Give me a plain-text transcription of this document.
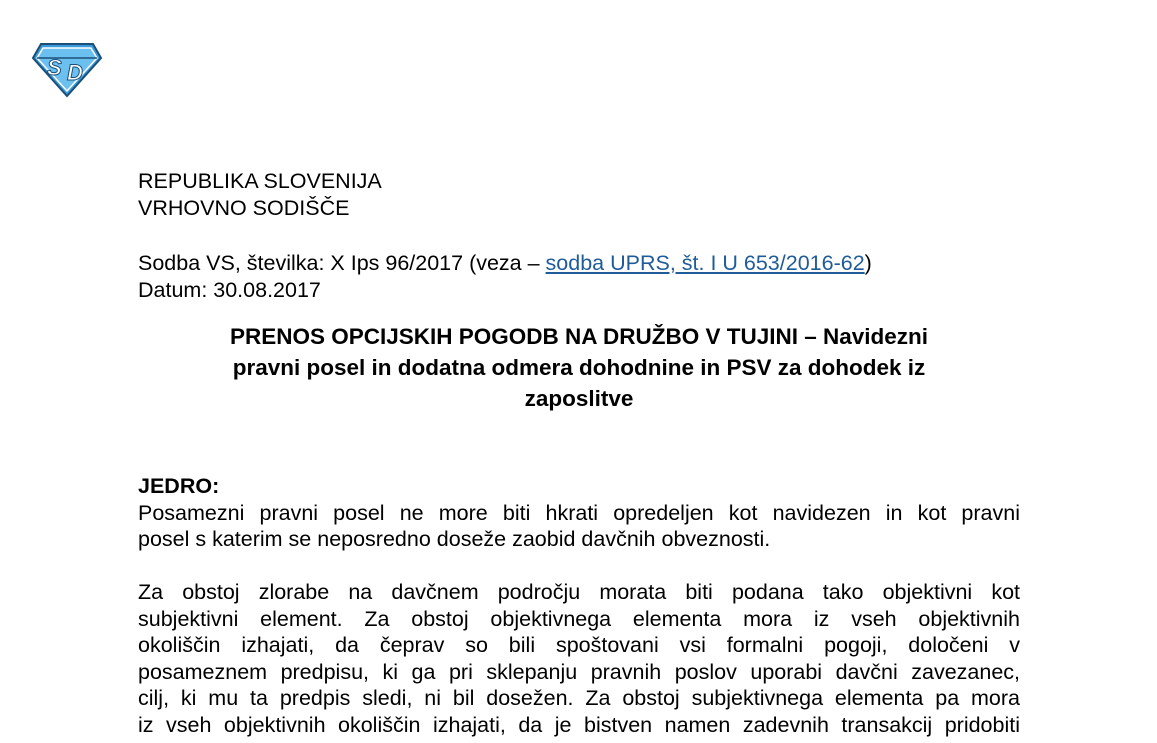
S D
REPUBLIKA SLOVENIJA
VRHOVNO SODIŠČE
Sodba VS, številka: X Ips 96/2017 (veza – sodba UPRS, št. I U 653/2016-62)
Datum: 30.08.2017
PRENOS OPCIJSKIH POGODB NA DRUŽBO V TUJINI – Navidezni
pravni posel in dodatna odmera dohodnine in PSV za dohodek iz
zaposlitve
JEDRO:
Posamezni pravni posel ne more biti hkrati opredeljen kot navidezen in kot pravni
posel s katerim se neposredno doseže zaobid davčnih obveznosti.
Za obstoj zlorabe na davčnem področju morata biti podana tako objektivni kot
subjektivni element. Za obstoj objektivnega elementa mora iz vseh objektivnih
okoliščin izhajati, da čeprav so bili spoštovani vsi formalni pogoji, določeni v
posameznem predpisu, ki ga pri sklepanju pravnih poslov uporabi davčni zavezanec,
cilj, ki mu ta predpis sledi, ni bil dosežen. Za obstoj subjektivnega elementa pa mora
iz vseh objektivnih okoliščin izhajati, da je bistven namen zadevnih transakcij pridobiti
